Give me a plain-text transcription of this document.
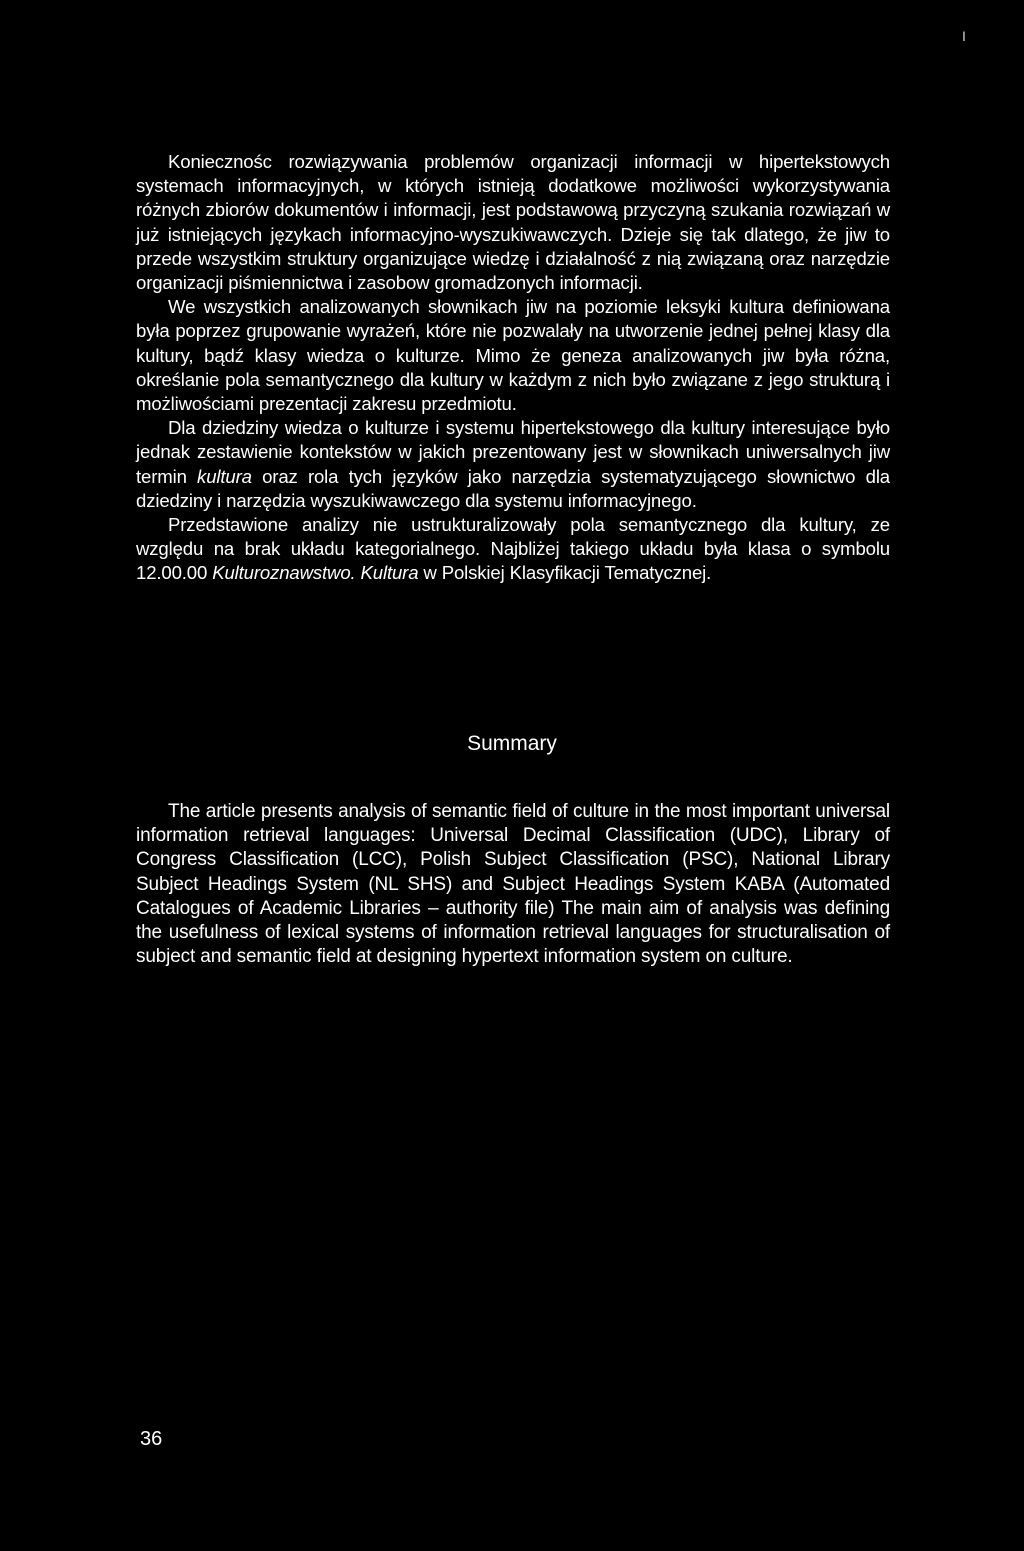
I

Koniecznośc rozwiązywania problemów organizacji informacji w hipertekstowych systemach informacyjnych, w których istnieją dodatkowe możliwości wykorzystywania różnych zbiorów dokumentów i informacji, jest podstawową przyczyną szukania rozwiązań w już istniejących językach informacyjno-wyszukiwawczych. Dzieje się tak dlatego, że jiw to przede wszystkim struktury organizujące wiedzę i działalność z nią związaną oraz narzędzie organizacji piśmiennictwa i zasobow gromadzonych informacji.

We wszystkich analizowanych słownikach jiw na poziomie leksyki kultura definiowana była poprzez grupowanie wyrażeń, które nie pozwalały na utworzenie jednej pełnej klasy dla kultury, bądź klasy wiedza o kulturze. Mimo że geneza analizowanych jiw była różna, określanie pola semantycznego dla kultury w każdym z nich było związane z jego strukturą i możliwościami prezentacji zakresu przedmiotu.

Dla dziedziny wiedza o kulturze i systemu hipertekstowego dla kultury interesujące było jednak zestawienie kontekstów w jakich prezentowany jest w słownikach uniwersalnych jiw termin kultura oraz rola tych języków jako narzędzia systematyzującego słownictwo dla dziedziny i narzędzia wyszukiwawczego dla systemu informacyjnego.

Przedstawione analizy nie ustrukturalizowały pola semantycznego dla kultury, ze względu na brak układu kategorialnego. Najbliżej takiego układu była klasa o symbolu 12.00.00 Kulturoznawstwo. Kultura w Polskiej Klasyfikacji Tematycznej.

Summary

The article presents analysis of semantic field of culture in the most important universal information retrieval languages: Universal Decimal Classification (UDC), Library of Congress Classification (LCC), Polish Subject Classification (PSC), National Library Subject Headings System (NL SHS) and Subject Headings System KABA (Automated Catalogues of Academic Libraries – authority file) The main aim of analysis was defining the usefulness of lexical systems of information retrieval languages for structuralisation of subject and semantic field at designing hypertext information system on culture.

36
